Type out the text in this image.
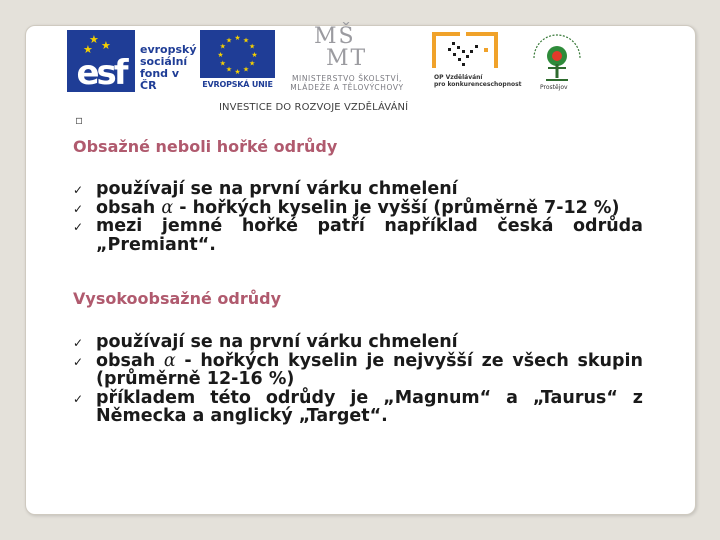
★ ★
★
esf
evropský
sociální
fond v ČR
★ ★
★
★
★
★
★
★
★
★
★
★
EVROPSKÁ UNIE
MŠ
MT
MINISTERSTVO ŠKOLSTVÍ,
MLÁDEŽE A TĚLOVÝCHOVY
OP Vzdělávání
pro konkurenceschopnost	Prostějov
INVESTICE DO ROZVOJE VZDĚLÁVÁNÍ
▫
Obsažné neboli hořké odrůdy
✓ používají se na první várku chmelení
✓ obsah α - hořkých kyselin je vyšší (průměrně 7-12 %)
✓ mezi jemné hořké patří například česká odrůda „Premiant“.
Vysokoobsažné odrůdy
✓ používají se na první várku chmelení
✓ obsah α - hořkých kyselin je nejvyšší ze všech skupin (průměrně 12-16 %)
✓ příkladem této odrůdy je „Magnum“ a „Taurus“ z Německa a anglický „Target“.
